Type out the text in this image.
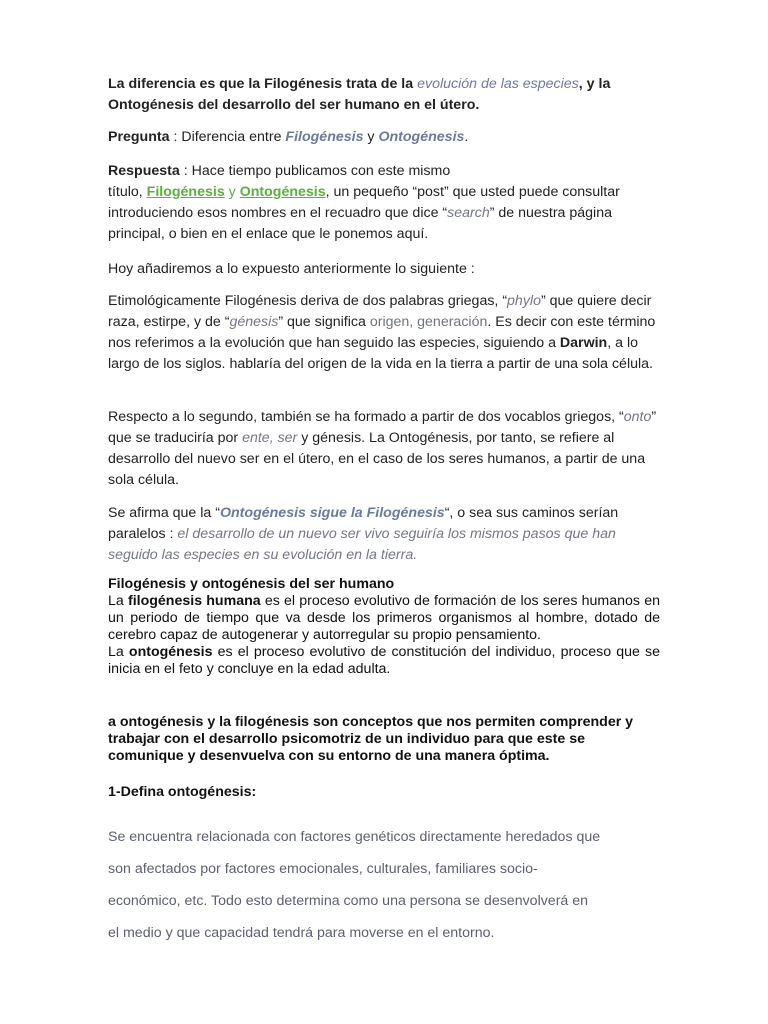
La diferencia es que la Filogénesis trata de la evolución de las especies, y la Ontogénesis del desarrollo del ser humano en el útero.

Pregunta : Diferencia entre Filogénesis y Ontogénesis.

Respuesta : Hace tiempo publicamos con este mismo
título, Filogénesis y Ontogénesis, un pequeño “post” que usted puede consultar introduciendo esos nombres en el recuadro que dice “search” de nuestra página principal, o bien en el enlace que le ponemos aquí.

Hoy añadiremos a lo expuesto anteriormente lo siguiente :

Etimológicamente Filogénesis deriva de dos palabras griegas, “phylo” que quiere decir raza, estirpe, y de “génesis” que significa origen, generación. Es decir con este término nos referimos a la evolución que han seguido las especies, siguiendo a Darwin, a lo largo de los siglos. hablaría del origen de la vida en la tierra a partir de una sola célula.

Respecto a lo segundo, también se ha formado a partir de dos vocablos griegos, “onto” que se traduciría por ente, ser y génesis. La Ontogénesis, por tanto, se refiere al desarrollo del nuevo ser en el útero, en el caso de los seres humanos, a partir de una sola célula.

Se afirma que la “Ontogénesis sigue la Filogénesis“, o sea sus caminos serían paralelos : el desarrollo de un nuevo ser vivo seguiría los mismos pasos que han seguido las especies en su evolución en la tierra.

Filogénesis y ontogénesis del ser humano

La filogénesis humana es el proceso evolutivo de formación de los seres humanos en un periodo de tiempo que va desde los primeros organismos al hombre, dotado de cerebro capaz de autogenerar y autorregular su propio pensamiento.

La ontogénesis es el proceso evolutivo de constitución del individuo, proceso que se inicia en el feto y concluye en la edad adulta.

a ontogénesis y la filogénesis son conceptos que nos permiten comprender y trabajar con el desarrollo psicomotriz de un individuo para que este se comunique y desenvuelva con su entorno de una manera óptima.

1-Defina ontogénesis:

Se encuentra relacionada con factores genéticos directamente heredados que

son afectados por factores emocionales, culturales, familiares socio-

económico, etc. Todo esto determina como una persona se desenvolverá en

el medio y que capacidad tendrá para moverse en el entorno.
